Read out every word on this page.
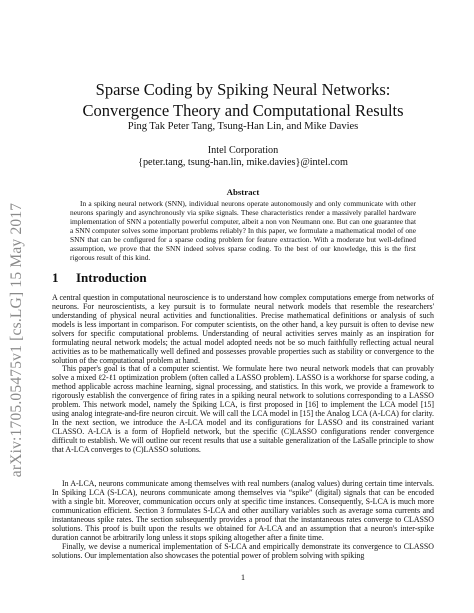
arXiv:1705.05475v1 [cs.LG] 15 May 2017
Sparse Coding by Spiking Neural Networks:
Convergence Theory and Computational Results
Ping Tak Peter Tang, Tsung-Han Lin, and Mike Davies
Intel Corporation
{peter.tang, tsung-han.lin, mike.davies}@intel.com
Abstract
In a spiking neural network (SNN), individual neurons operate autonomously and only communicate with other neurons sparingly and asynchronously via spike signals. These characteristics render a massively parallel hardware implementation of SNN a potentially powerful computer, albeit a non von Neumann one. But can one guarantee that a SNN computer solves some important problems reliably? In this paper, we formulate a mathematical model of one SNN that can be configured for a sparse coding problem for feature extraction. With a moderate but well-defined assumption, we prove that the SNN indeed solves sparse coding. To the best of our knowledge, this is the first rigorous result of this kind.
1 Introduction
A central question in computational neuroscience is to understand how complex computations emerge from networks of neurons. For neuroscientists, a key pursuit is to formulate neural network models that resemble the researchers' understanding of physical neural activities and functionalities. Precise mathematical definitions or analysis of such models is less important in comparison. For computer scientists, on the other hand, a key pursuit is often to devise new solvers for specific computational problems. Understanding of neural activities serves mainly as an inspiration for formulating neural network models; the actual model adopted needs not be so much faithfully reflecting actual neural activities as to be mathematically well defined and possesses provable properties such as stability or convergence to the solution of the computational problem at hand.
This paper's goal is that of a computer scientist. We formulate here two neural network models that can provably solve a mixed ℓ2-ℓ1 optimization problem (often called a LASSO problem). LASSO is a workhorse for sparse coding, a method applicable across machine learning, signal processing, and statistics. In this work, we provide a framework to rigorously establish the convergence of firing rates in a spiking neural network to solutions corresponding to a LASSO problem. This network model, namely the Spiking LCA, is first proposed in [16] to implement the LCA model [15] using analog integrate-and-fire neuron circuit. We will call the LCA model in [15] the Analog LCA (A-LCA) for clarity. In the next section, we introduce the A-LCA model and its configurations for LASSO and its constrained variant CLASSO. A-LCA is a form of Hopfield network, but the specific (C)LASSO configurations render convergence difficult to establish. We will outline our recent results that use a suitable generalization of the LaSalle principle to show that A-LCA converges to (C)LASSO solutions.
In A-LCA, neurons communicate among themselves with real numbers (analog values) during certain time intervals. In Spiking LCA (S-LCA), neurons communicate among themselves via “spike” (digital) signals that can be encoded with a single bit. Moreover, communication occurs only at specific time instances. Consequently, S-LCA is much more communication efficient. Section 3 formulates S-LCA and other auxiliary variables such as average soma currents and instantaneous spike rates. The section subsequently provides a proof that the instantaneous rates converge to CLASSO solutions. This proof is built upon the results we obtained for A-LCA and an assumption that a neuron's inter-spike duration cannot be arbitrarily long unless it stops spiking altogether after a finite time.
Finally, we devise a numerical implementation of S-LCA and empirically demonstrate its convergence to CLASSO solutions. Our implementation also showcases the potential power of problem solving with spiking
1
